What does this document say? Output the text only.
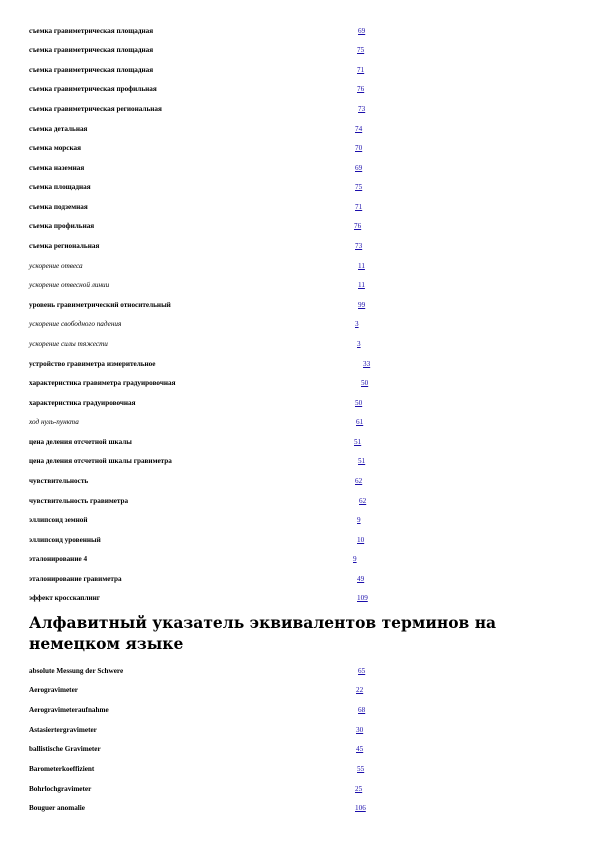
съемка гравиметрическая площадная	69
съемка гравиметрическая площадная	75
съемка гравиметрическая площадная	71
съемка гравиметрическая профильная	76
съемка гравиметрическая региональная	73
съемка детальная	74
съемка морская	70
съемка наземная	69
съемка площадная	75
съемка подземная	71
съемка профильная	76
съемка региональная	73
ускорение отвеса	11
ускорение отвесной линии	11
уровень гравиметрический относительный	99
ускорение свободного падения	3
ускорение силы тяжести	3
устройство гравиметра измерительное	33
характеристика гравиметра градуировочная	50
характеристика градуировочная	50
ход нуль-пункта	61
цена деления отсчетной шкалы	51
цена деления отсчетной шкалы гравиметра	51
чувствительность	62
чувствительность гравиметра	62
эллипсоид земной	9
эллипсоид уровенный	10
эталонирование 4	9
эталонирование гравиметра	49
эффект кросскаплинг	109
Алфавитный указатель эквивалентов терминов на немецком языке
absolute Messung der Schwere	65
Aerogravimeter	22
Aerogravimeteraufnahme	68
Astasiertergravimeter	30
ballistische Gravimeter	45
Barometerkoeffizient	55
Bohrlochgravimeter	25
Bouguer anomalie	106
